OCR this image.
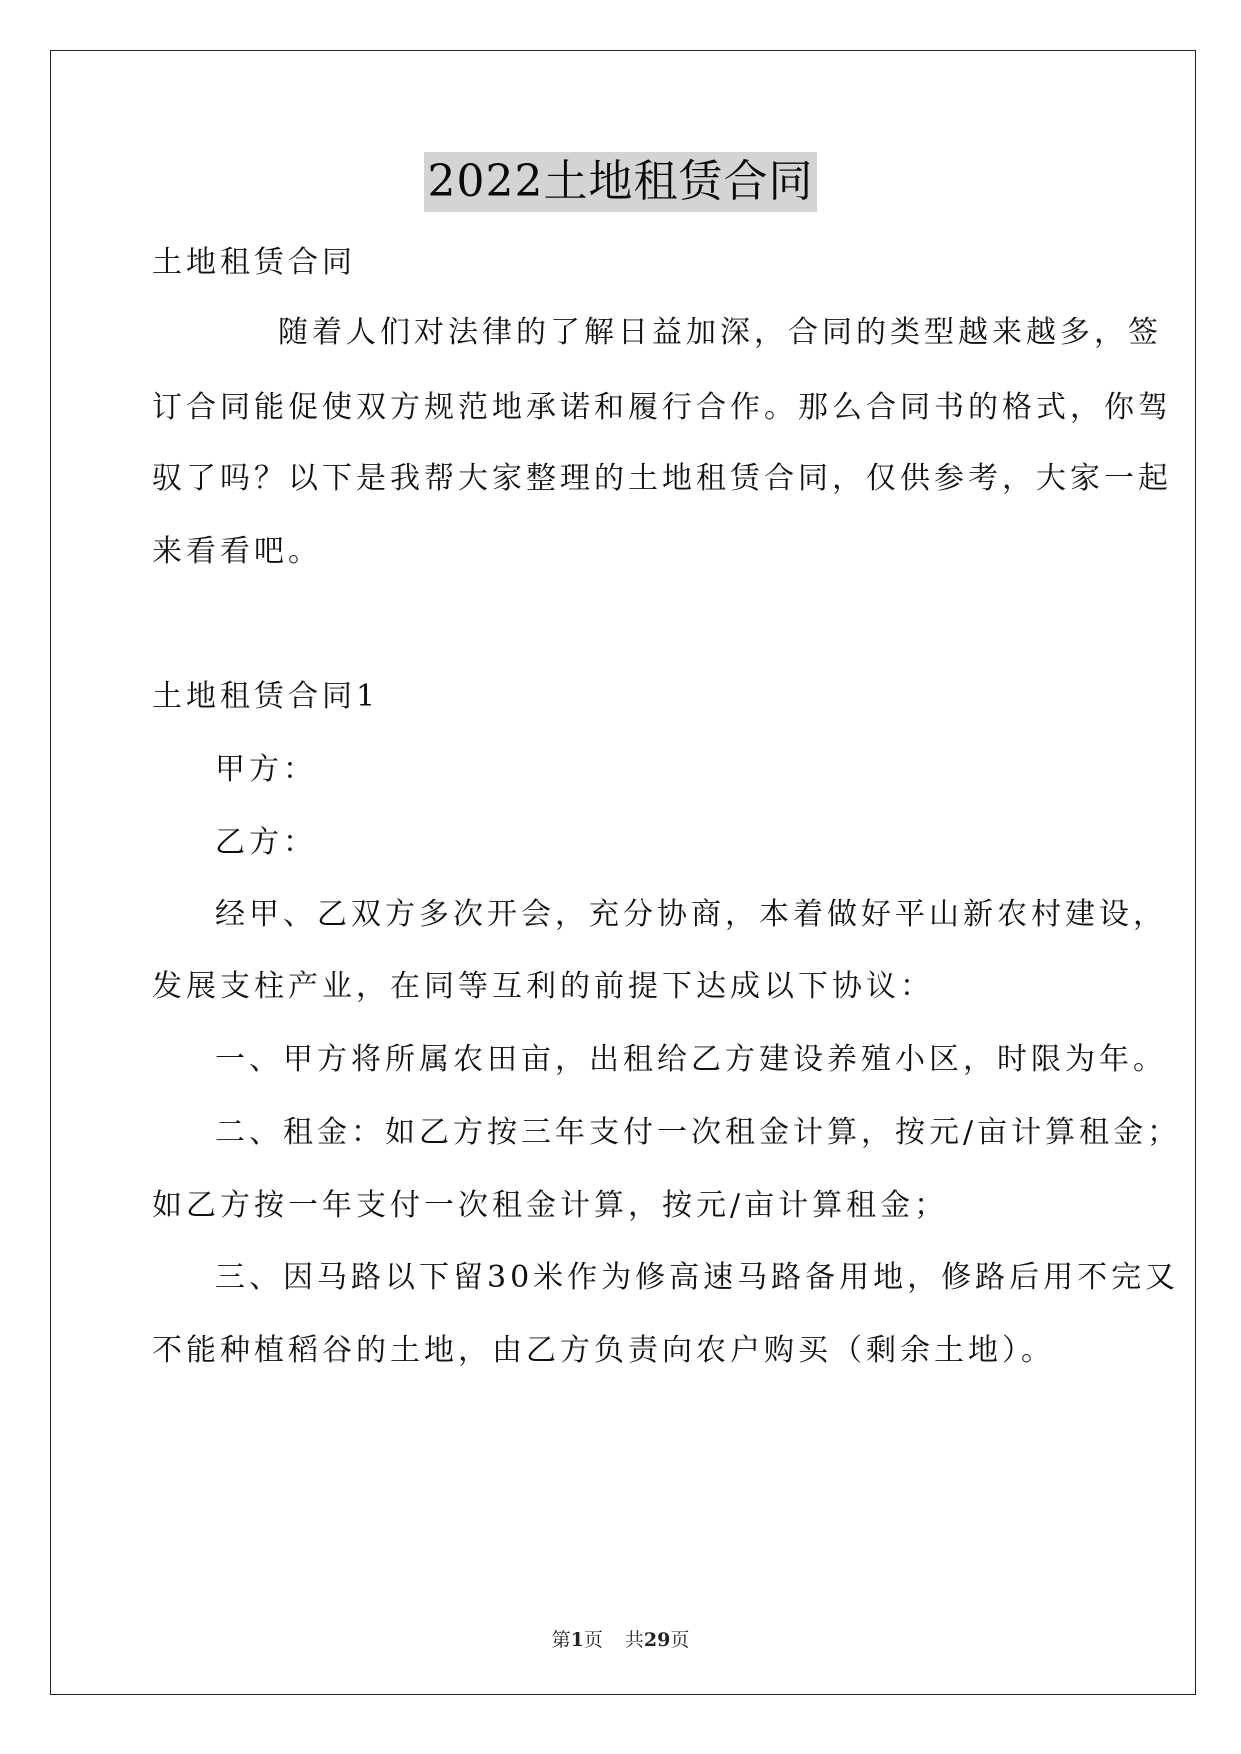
2022土地租赁合同
土地租赁合同
随着人们对法律的了解日益加深，合同的类型越来越多，签
订合同能促使双方规范地承诺和履行合作。那么合同书的格式，你驾
驭了吗？以下是我帮大家整理的土地租赁合同，仅供参考，大家一起
来看看吧。
土地租赁合同1
甲方：
乙方：
经甲、乙双方多次开会，充分协商，本着做好平山新农村建设，
发展支柱产业，在同等互利的前提下达成以下协议：
一、甲方将所属农田亩，出租给乙方建设养殖小区，时限为年。
二、租金：如乙方按三年支付一次租金计算，按元/亩计算租金；
如乙方按一年支付一次租金计算，按元/亩计算租金；
三、因马路以下留30米作为修高速马路备用地，修路后用不完又
不能种植稻谷的土地，由乙方负责向农户购买（剩余土地）。
第1页 共29页
